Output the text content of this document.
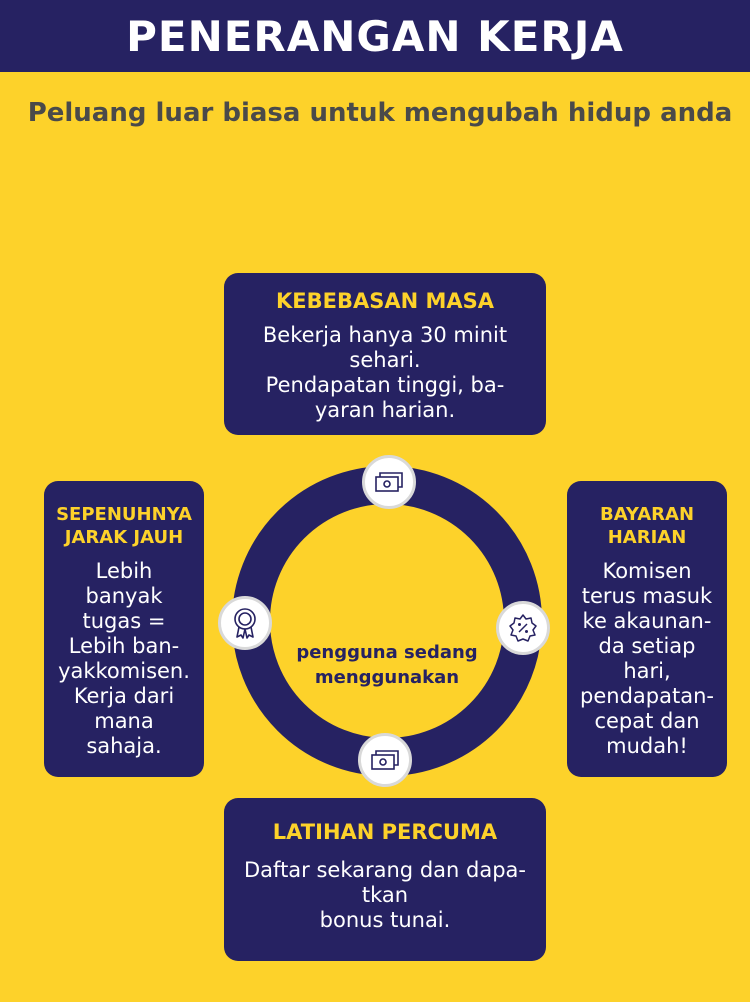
PENERANGAN KERJA
Peluang luar biasa untuk mengubah hidup anda
KEBEBASAN MASA
Bekerja hanya 30 minit
sehari.
Pendapatan tinggi, ba-
yaran harian.
SEPENUHNYA
JARAK JAUH
Lebih
banyak
tugas =
Lebih ban-
yakkomisen.
Kerja dari
mana
sahaja.
BAYARAN
HARIAN
Komisen
terus masuk
ke akaunan-
da setiap
hari,
pendapatan-
cepat dan
mudah!
LATIHAN PERCUMA
Daftar sekarang dan dapa-
tkan
bonus tunai.
pengguna sedang
menggunakan
